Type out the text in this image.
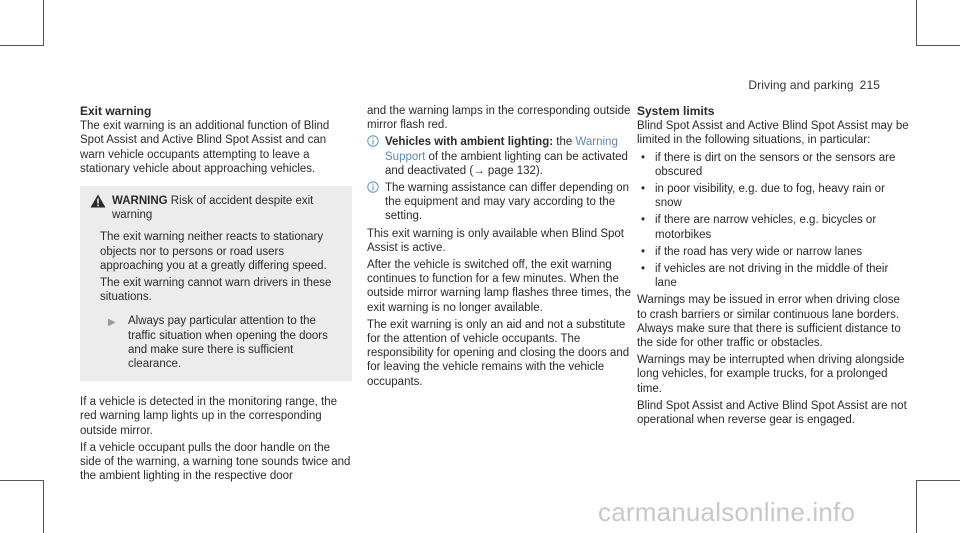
Driving and parking 215
Exit warning

The exit warning is an additional function of Blind Spot Assist and Active Blind Spot Assist and can warn vehicle occupants attempting to leave a stationary vehicle about approaching vehicles.

WARNING Risk of accident despite exit warning

The exit warning neither reacts to stationary objects nor to persons or road users approaching you at a greatly differing speed.

The exit warning cannot warn drivers in these situations.

▶	Always pay particular attention to the traffic situation when opening the doors and make sure there is sufficient clearance.

If a vehicle is detected in the monitoring range, the red warning lamp lights up in the corresponding outside mirror.

If a vehicle occupant pulls the door handle on the side of the warning, a warning tone sounds twice and the ambient lighting in the respective door

and the warning lamps in the corresponding outside mirror flash red.

Vehicles with ambient lighting: the Warning Support of the ambient lighting can be activated and deactivated (→ page 132).
The warning assistance can differ depending on the equipment and may vary according to the setting.

This exit warning is only available when Blind Spot Assist is active.

After the vehicle is switched off, the exit warning continues to function for a few minutes. When the outside mirror warning lamp flashes three times, the exit warning is no longer available.

The exit warning is only an aid and not a substitute for the attention of vehicle occupants. The responsibility for opening and closing the doors and for leaving the vehicle remains with the vehicle occupants.

System limits

Blind Spot Assist and Active Blind Spot Assist may be limited in the following situations, in particular:

• if there is dirt on the sensors or the sensors are obscured
• in poor visibility, e.g. due to fog, heavy rain or snow
• if there are narrow vehicles, e.g. bicycles or motorbikes
• if the road has very wide or narrow lanes
• if vehicles are not driving in the middle of their lane

Warnings may be issued in error when driving close to crash barriers or similar continuous lane borders. Always make sure that there is sufficient distance to the side for other traffic or obstacles.

Warnings may be interrupted when driving alongside long vehicles, for example trucks, for a prolonged time.

Blind Spot Assist and Active Blind Spot Assist are not operational when reverse gear is engaged.

carmanualsonline.info
